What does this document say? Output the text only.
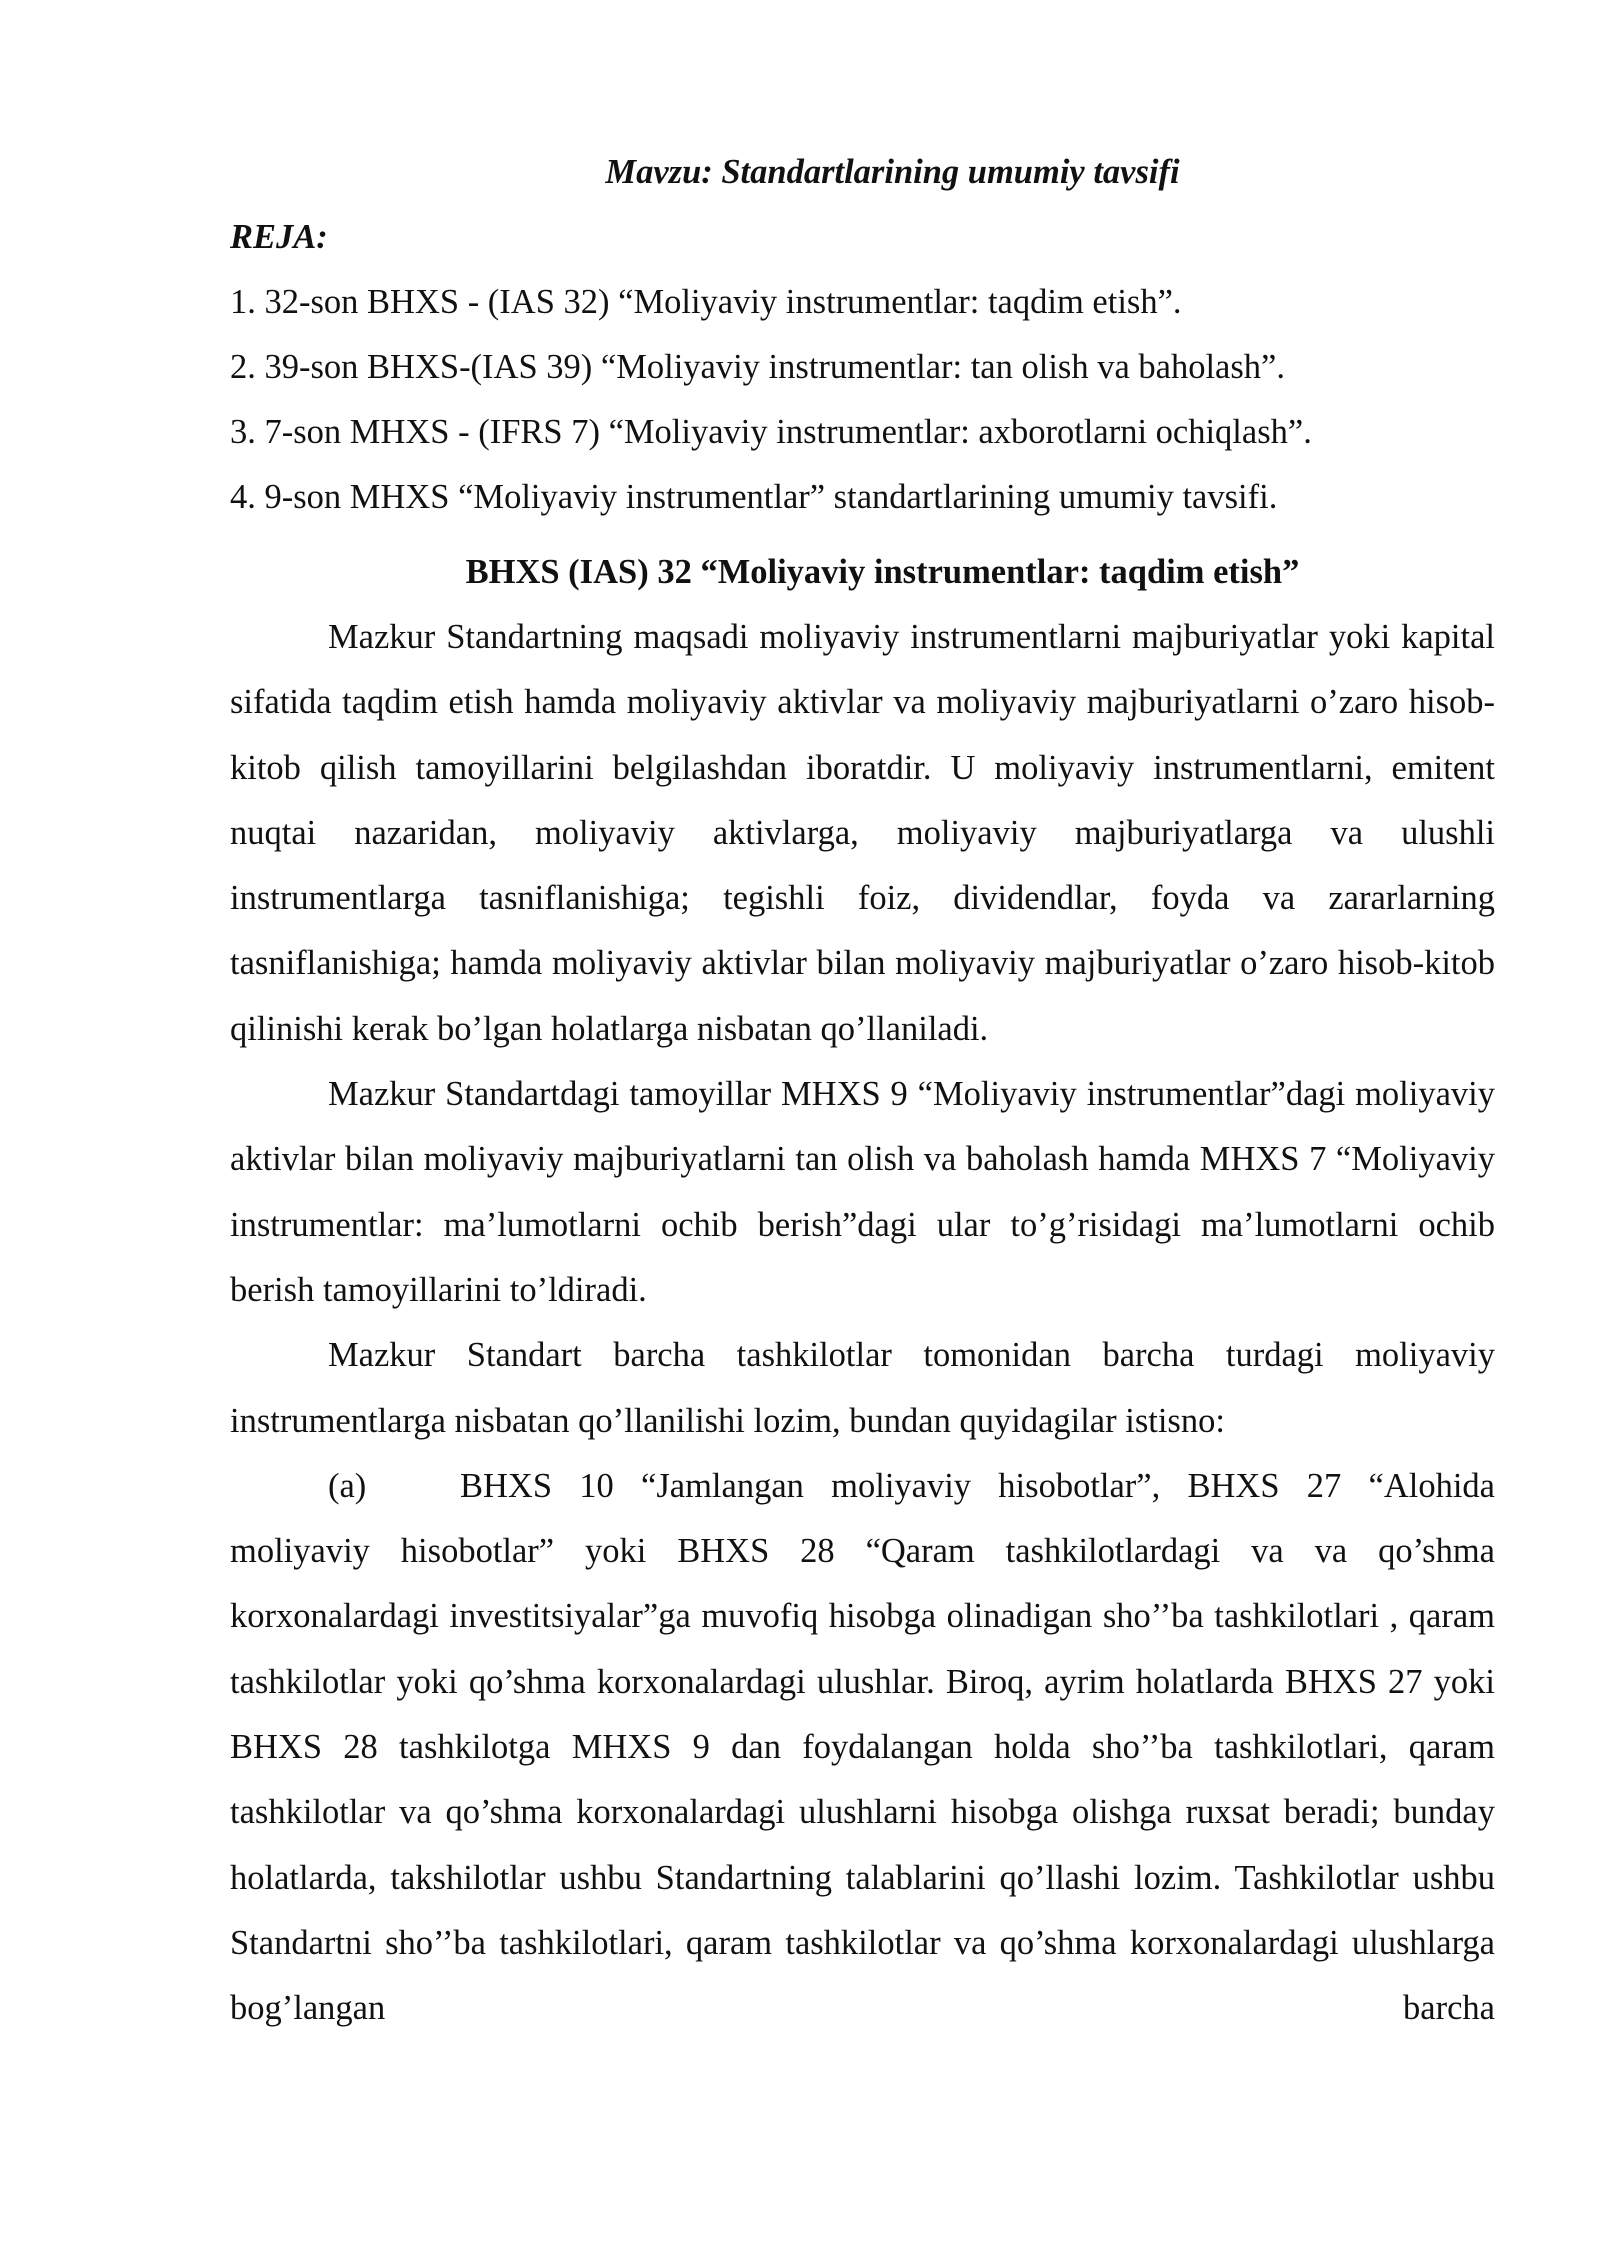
Mavzu: Standartlarining umumiy tavsifi

REJA:

1. 32-son BHXS - (IAS 32) “Moliyaviy instrumentlar: taqdim etish”.

2. 39-son BHXS-(IAS 39) “Moliyaviy instrumentlar: tan olish va baholash”.

3. 7-son MHXS - (IFRS 7) “Moliyaviy instrumentlar: axborotlarni ochiqlash”.

4. 9-son MHXS “Moliyaviy instrumentlar” standartlarining umumiy tavsifi.

BHXS (IAS) 32 “Moliyaviy instrumentlar: taqdim etish”

Mazkur Standartning maqsadi moliyaviy instrumentlarni majburiyatlar yoki kapital sifatida taqdim etish hamda moliyaviy aktivlar va moliyaviy majburiyatlarni o’zaro hisob-kitob qilish tamoyillarini belgilashdan iboratdir. U moliyaviy instrumentlarni, emitent nuqtai nazaridan, moliyaviy aktivlarga, moliyaviy majburiyatlarga va ulushli instrumentlarga tasniflanishiga; tegishli foiz, dividendlar, foyda va zararlarning tasniflanishiga; hamda moliyaviy aktivlar bilan moliyaviy majburiyatlar o’zaro hisob-kitob qilinishi kerak bo’lgan holatlarga nisbatan qo’llaniladi.

Mazkur Standartdagi tamoyillar MHXS 9 “Moliyaviy instrumentlar”dagi moliyaviy aktivlar bilan moliyaviy majburiyatlarni tan olish va baholash hamda MHXS 7 “Moliyaviy instrumentlar: ma’lumotlarni ochib berish”dagi ular to’g’risidagi ma’lumotlarni ochib berish tamoyillarini to’ldiradi.

Mazkur Standart barcha tashkilotlar tomonidan barcha turdagi moliyaviy instrumentlarga nisbatan qo’llanilishi lozim, bundan quyidagilar istisno:

(a)	BHXS 10 “Jamlangan moliyaviy hisobotlar”, BHXS 27 “Alohida moliyaviy hisobotlar” yoki BHXS 28 “Qaram tashkilotlardagi va va qo’shma korxonalardagi investitsiyalar”ga muvofiq hisobga olinadigan sho’’ba tashkilotlari , qaram tashkilotlar yoki qo’shma korxonalardagi ulushlar. Biroq, ayrim holatlarda BHXS 27 yoki BHXS 28 tashkilotga MHXS 9 dan foydalangan holda sho’’ba tashkilotlari, qaram tashkilotlar va qo’shma korxonalardagi ulushlarni hisobga olishga ruxsat beradi; bunday holatlarda, takshilotlar ushbu Standartning talablarini qo’llashi lozim. Tashkilotlar ushbu Standartni sho’’ba tashkilotlari, qaram tashkilotlar va qo’shma korxonalardagi ulushlarga bog’langan barcha
